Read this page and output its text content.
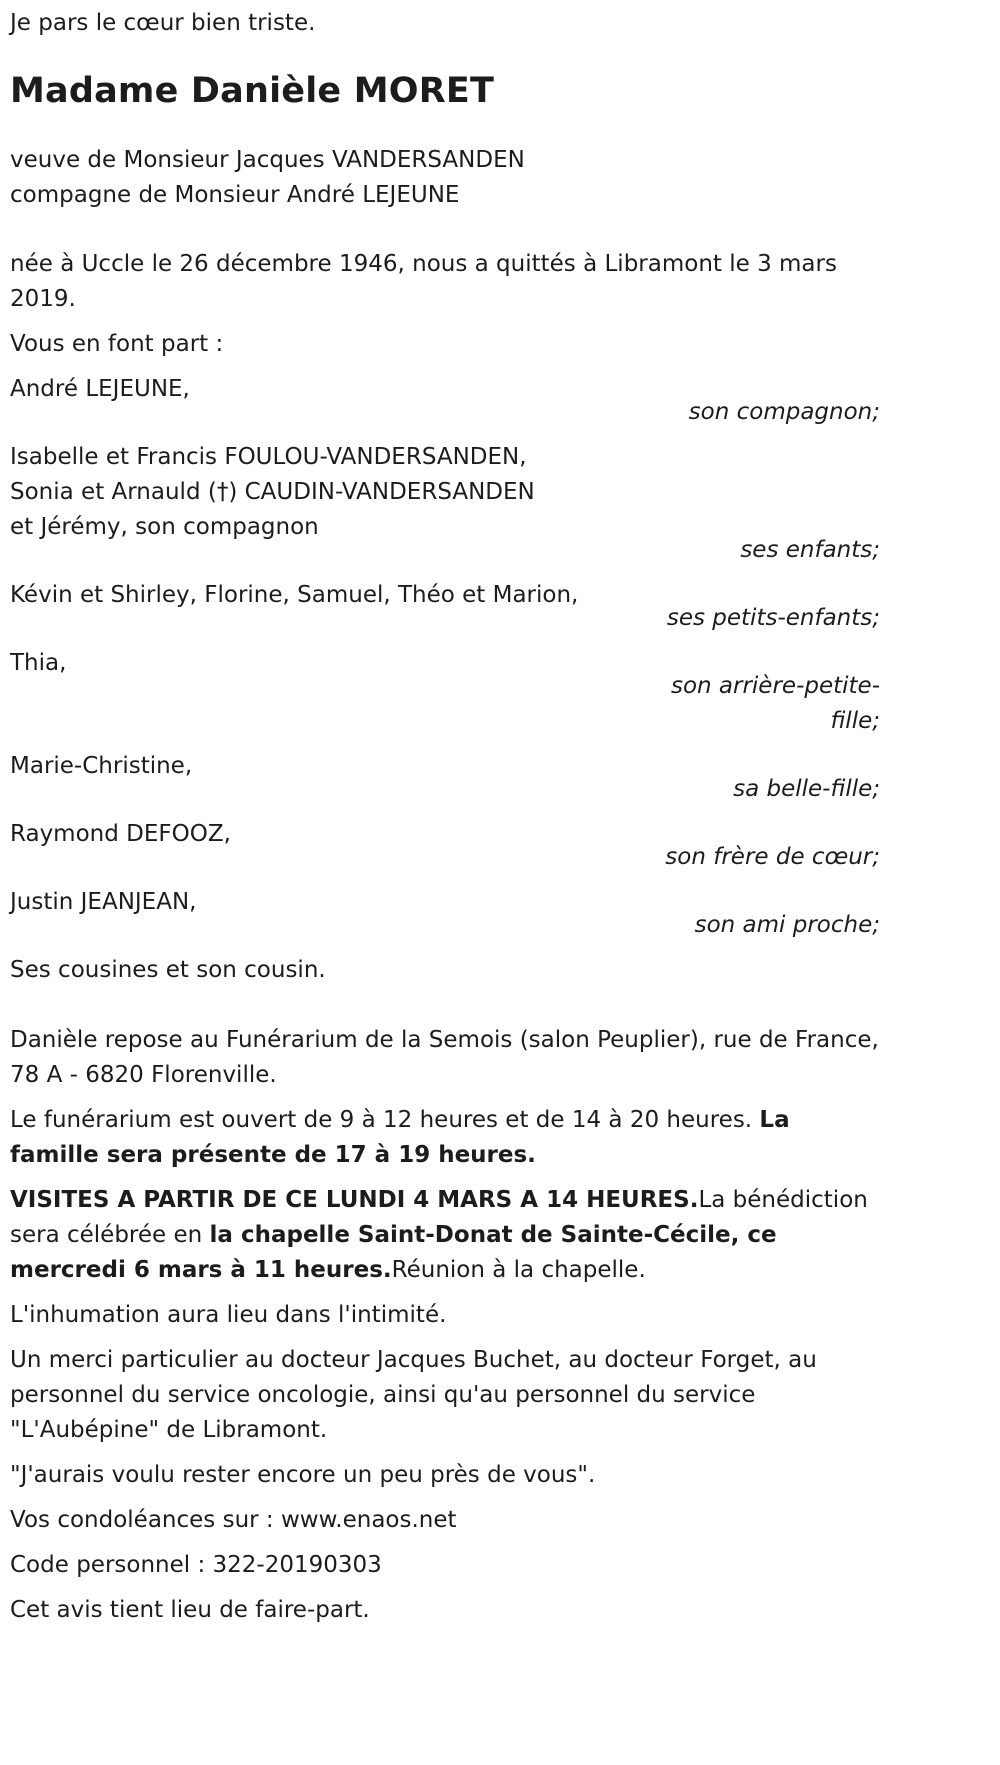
Je pars le cœur bien triste.

Madame Danièle MORET

veuve de Monsieur Jacques VANDERSANDEN

compagne de Monsieur André LEJEUNE

née à Uccle le 26 décembre 1946, nous a quittés à Libramont le 3 mars 2019.

Vous en font part :

André LEJEUNE,

son compagnon;

Isabelle et Francis FOULOU-VANDERSANDEN,

Sonia et Arnauld (†) CAUDIN-VANDERSANDEN

et Jérémy, son compagnon

ses enfants;

Kévin et Shirley, Florine, Samuel, Théo et Marion,

ses petits-enfants;

Thia,

son arrière-petite-fille;

Marie-Christine,

sa belle-fille;

Raymond DEFOOZ,

son frère de cœur;

Justin JEANJEAN,

son ami proche;

Ses cousines et son cousin.

Danièle repose au Funérarium de la Semois (salon Peuplier), rue de France, 78 A - 6820 Florenville.

Le funérarium est ouvert de 9 à 12 heures et de 14 à 20 heures. La famille sera présente de 17 à 19 heures.

VISITES A PARTIR DE CE LUNDI 4 MARS A 14 HEURES.La bénédiction sera célébrée en la chapelle Saint-Donat de Sainte-Cécile, ce mercredi 6 mars à 11 heures.Réunion à la chapelle.

L'inhumation aura lieu dans l'intimité.

Un merci particulier au docteur Jacques Buchet, au docteur Forget, au personnel du service oncologie, ainsi qu'au personnel du service "L'Aubépine" de Libramont.

"J'aurais voulu rester encore un peu près de vous".

Vos condoléances sur : www.enaos.net

Code personnel : 322-20190303

Cet avis tient lieu de faire-part.
